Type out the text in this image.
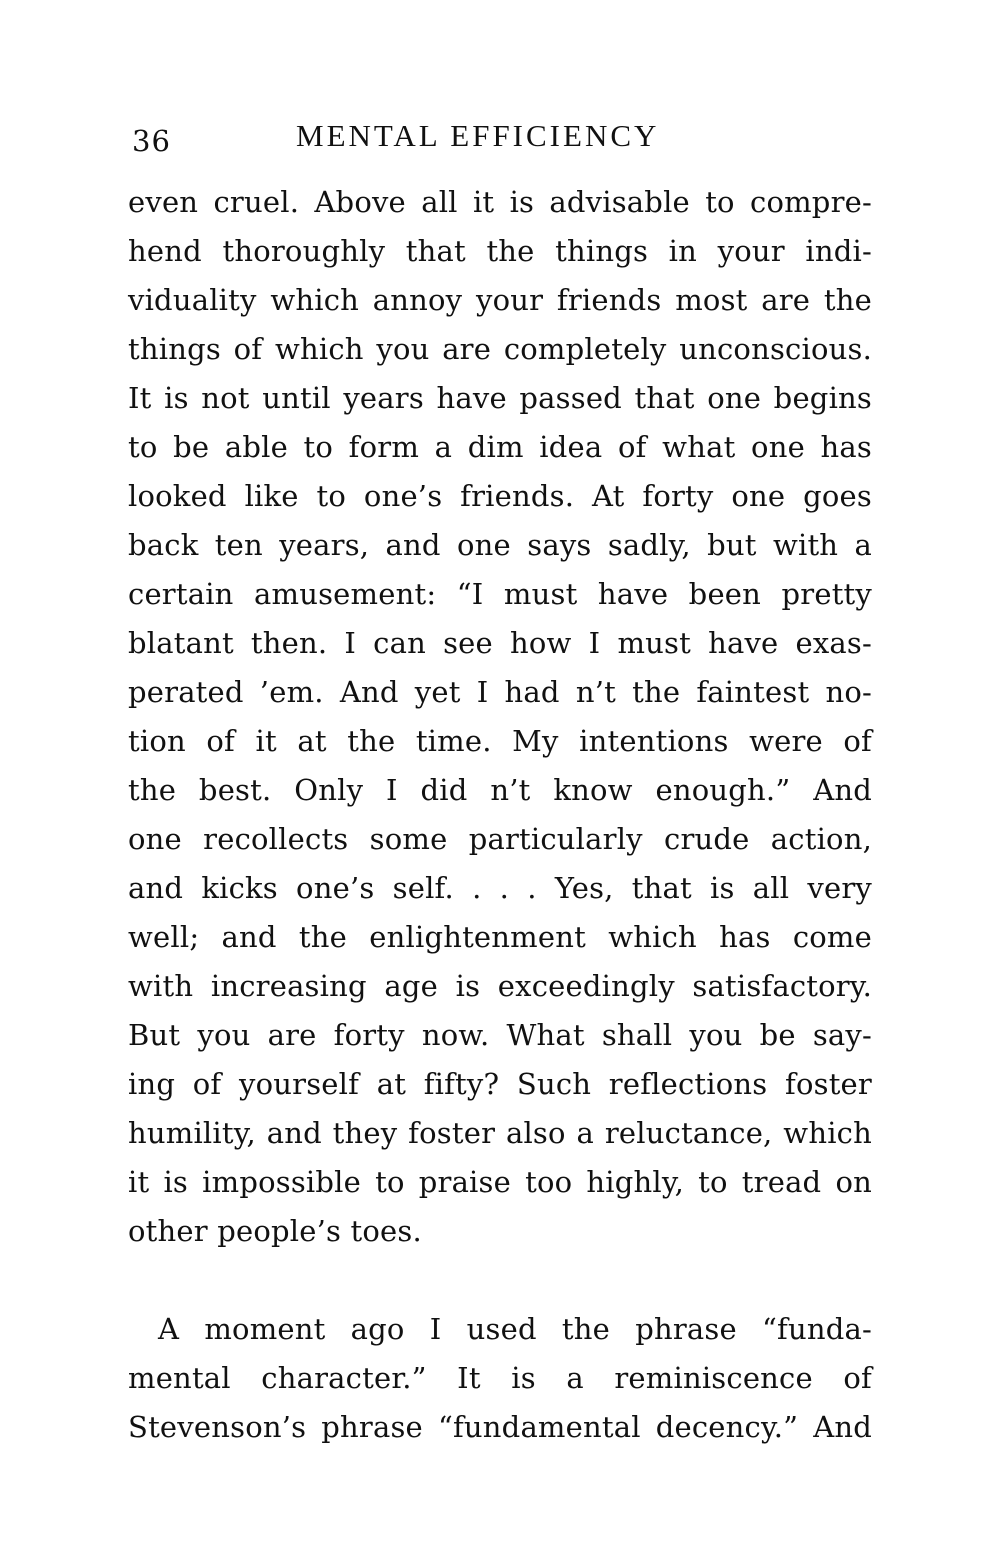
36	MENTAL EFFICIENCY
even cruel. Above all it is advisable to compre-
hend thoroughly that the things in your indi-
viduality which annoy your friends most are the
things of which you are completely unconscious.
It is not until years have passed that one begins
to be able to form a dim idea of what one has
looked like to one’s friends. At forty one goes
back ten years, and one says sadly, but with a
certain amusement: “I must have been pretty
blatant then. I can see how I must have exas-
perated ’em. And yet I had n’t the faintest no-
tion of it at the time. My intentions were of
the best. Only I did n’t know enough.” And
one recollects some particularly crude action,
and kicks one’s self. . . . Yes, that is all very
well; and the enlightenment which has come
with increasing age is exceedingly satisfactory.
But you are forty now. What shall you be say-
ing of yourself at fifty? Such reflections foster
humility, and they foster also a reluctance, which
it is impossible to praise too highly, to tread on
other people’s toes.
A moment ago I used the phrase “funda-
mental character.” It is a reminiscence of
Stevenson’s phrase “fundamental decency.” And
